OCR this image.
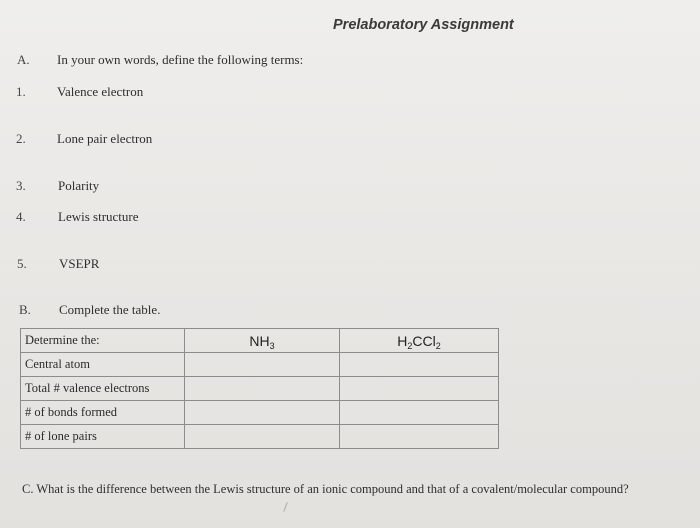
Prelaboratory Assignment
A. In your own words, define the following terms:
1. Valence electron
2. Lone pair electron
3. Polarity
4. Lewis structure
5. VSEPR
B. Complete the table.
Determine the:	$NH_3$	$H_2CCl_2$
Central atom		
Total # valence electrons		
# of bonds formed		
# of lone pairs		
C. What is the difference between the Lewis structure of an ionic compound and that of a covalent/molecular compound?
